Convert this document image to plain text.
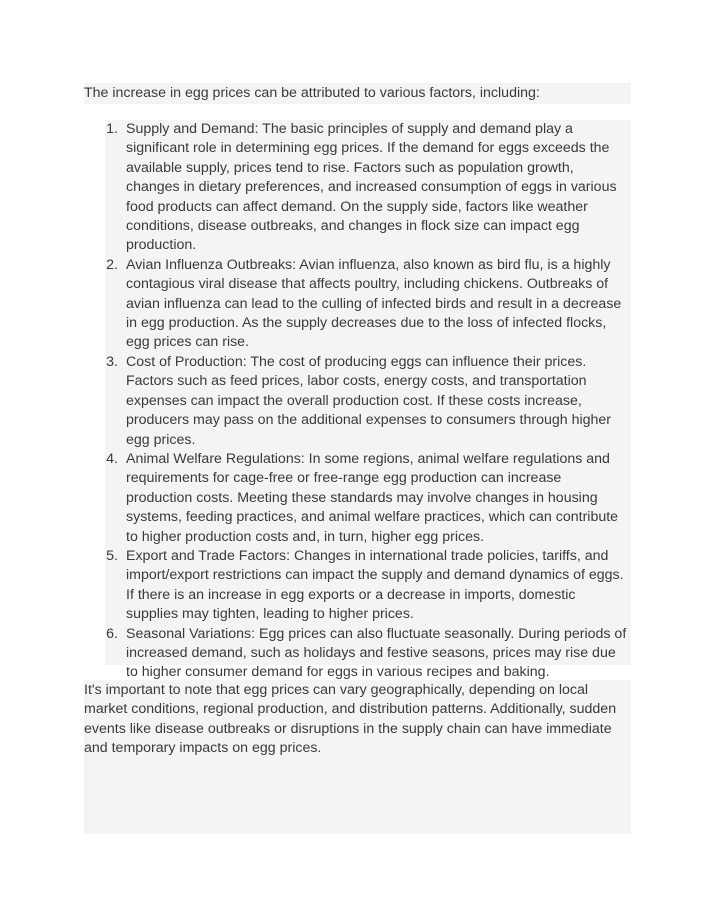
The increase in egg prices can be attributed to various factors, including:
Supply and Demand: The basic principles of supply and demand play a significant role in determining egg prices. If the demand for eggs exceeds the available supply, prices tend to rise. Factors such as population growth, changes in dietary preferences, and increased consumption of eggs in various food products can affect demand. On the supply side, factors like weather conditions, disease outbreaks, and changes in flock size can impact egg production.
Avian Influenza Outbreaks: Avian influenza, also known as bird flu, is a highly contagious viral disease that affects poultry, including chickens. Outbreaks of avian influenza can lead to the culling of infected birds and result in a decrease in egg production. As the supply decreases due to the loss of infected flocks, egg prices can rise.
Cost of Production: The cost of producing eggs can influence their prices. Factors such as feed prices, labor costs, energy costs, and transportation expenses can impact the overall production cost. If these costs increase, producers may pass on the additional expenses to consumers through higher egg prices.
Animal Welfare Regulations: In some regions, animal welfare regulations and requirements for cage-free or free-range egg production can increase production costs. Meeting these standards may involve changes in housing systems, feeding practices, and animal welfare practices, which can contribute to higher production costs and, in turn, higher egg prices.
Export and Trade Factors: Changes in international trade policies, tariffs, and import/export restrictions can impact the supply and demand dynamics of eggs. If there is an increase in egg exports or a decrease in imports, domestic supplies may tighten, leading to higher prices.
Seasonal Variations: Egg prices can also fluctuate seasonally. During periods of increased demand, such as holidays and festive seasons, prices may rise due to higher consumer demand for eggs in various recipes and baking.
It's important to note that egg prices can vary geographically, depending on local market conditions, regional production, and distribution patterns. Additionally, sudden events like disease outbreaks or disruptions in the supply chain can have immediate and temporary impacts on egg prices.
